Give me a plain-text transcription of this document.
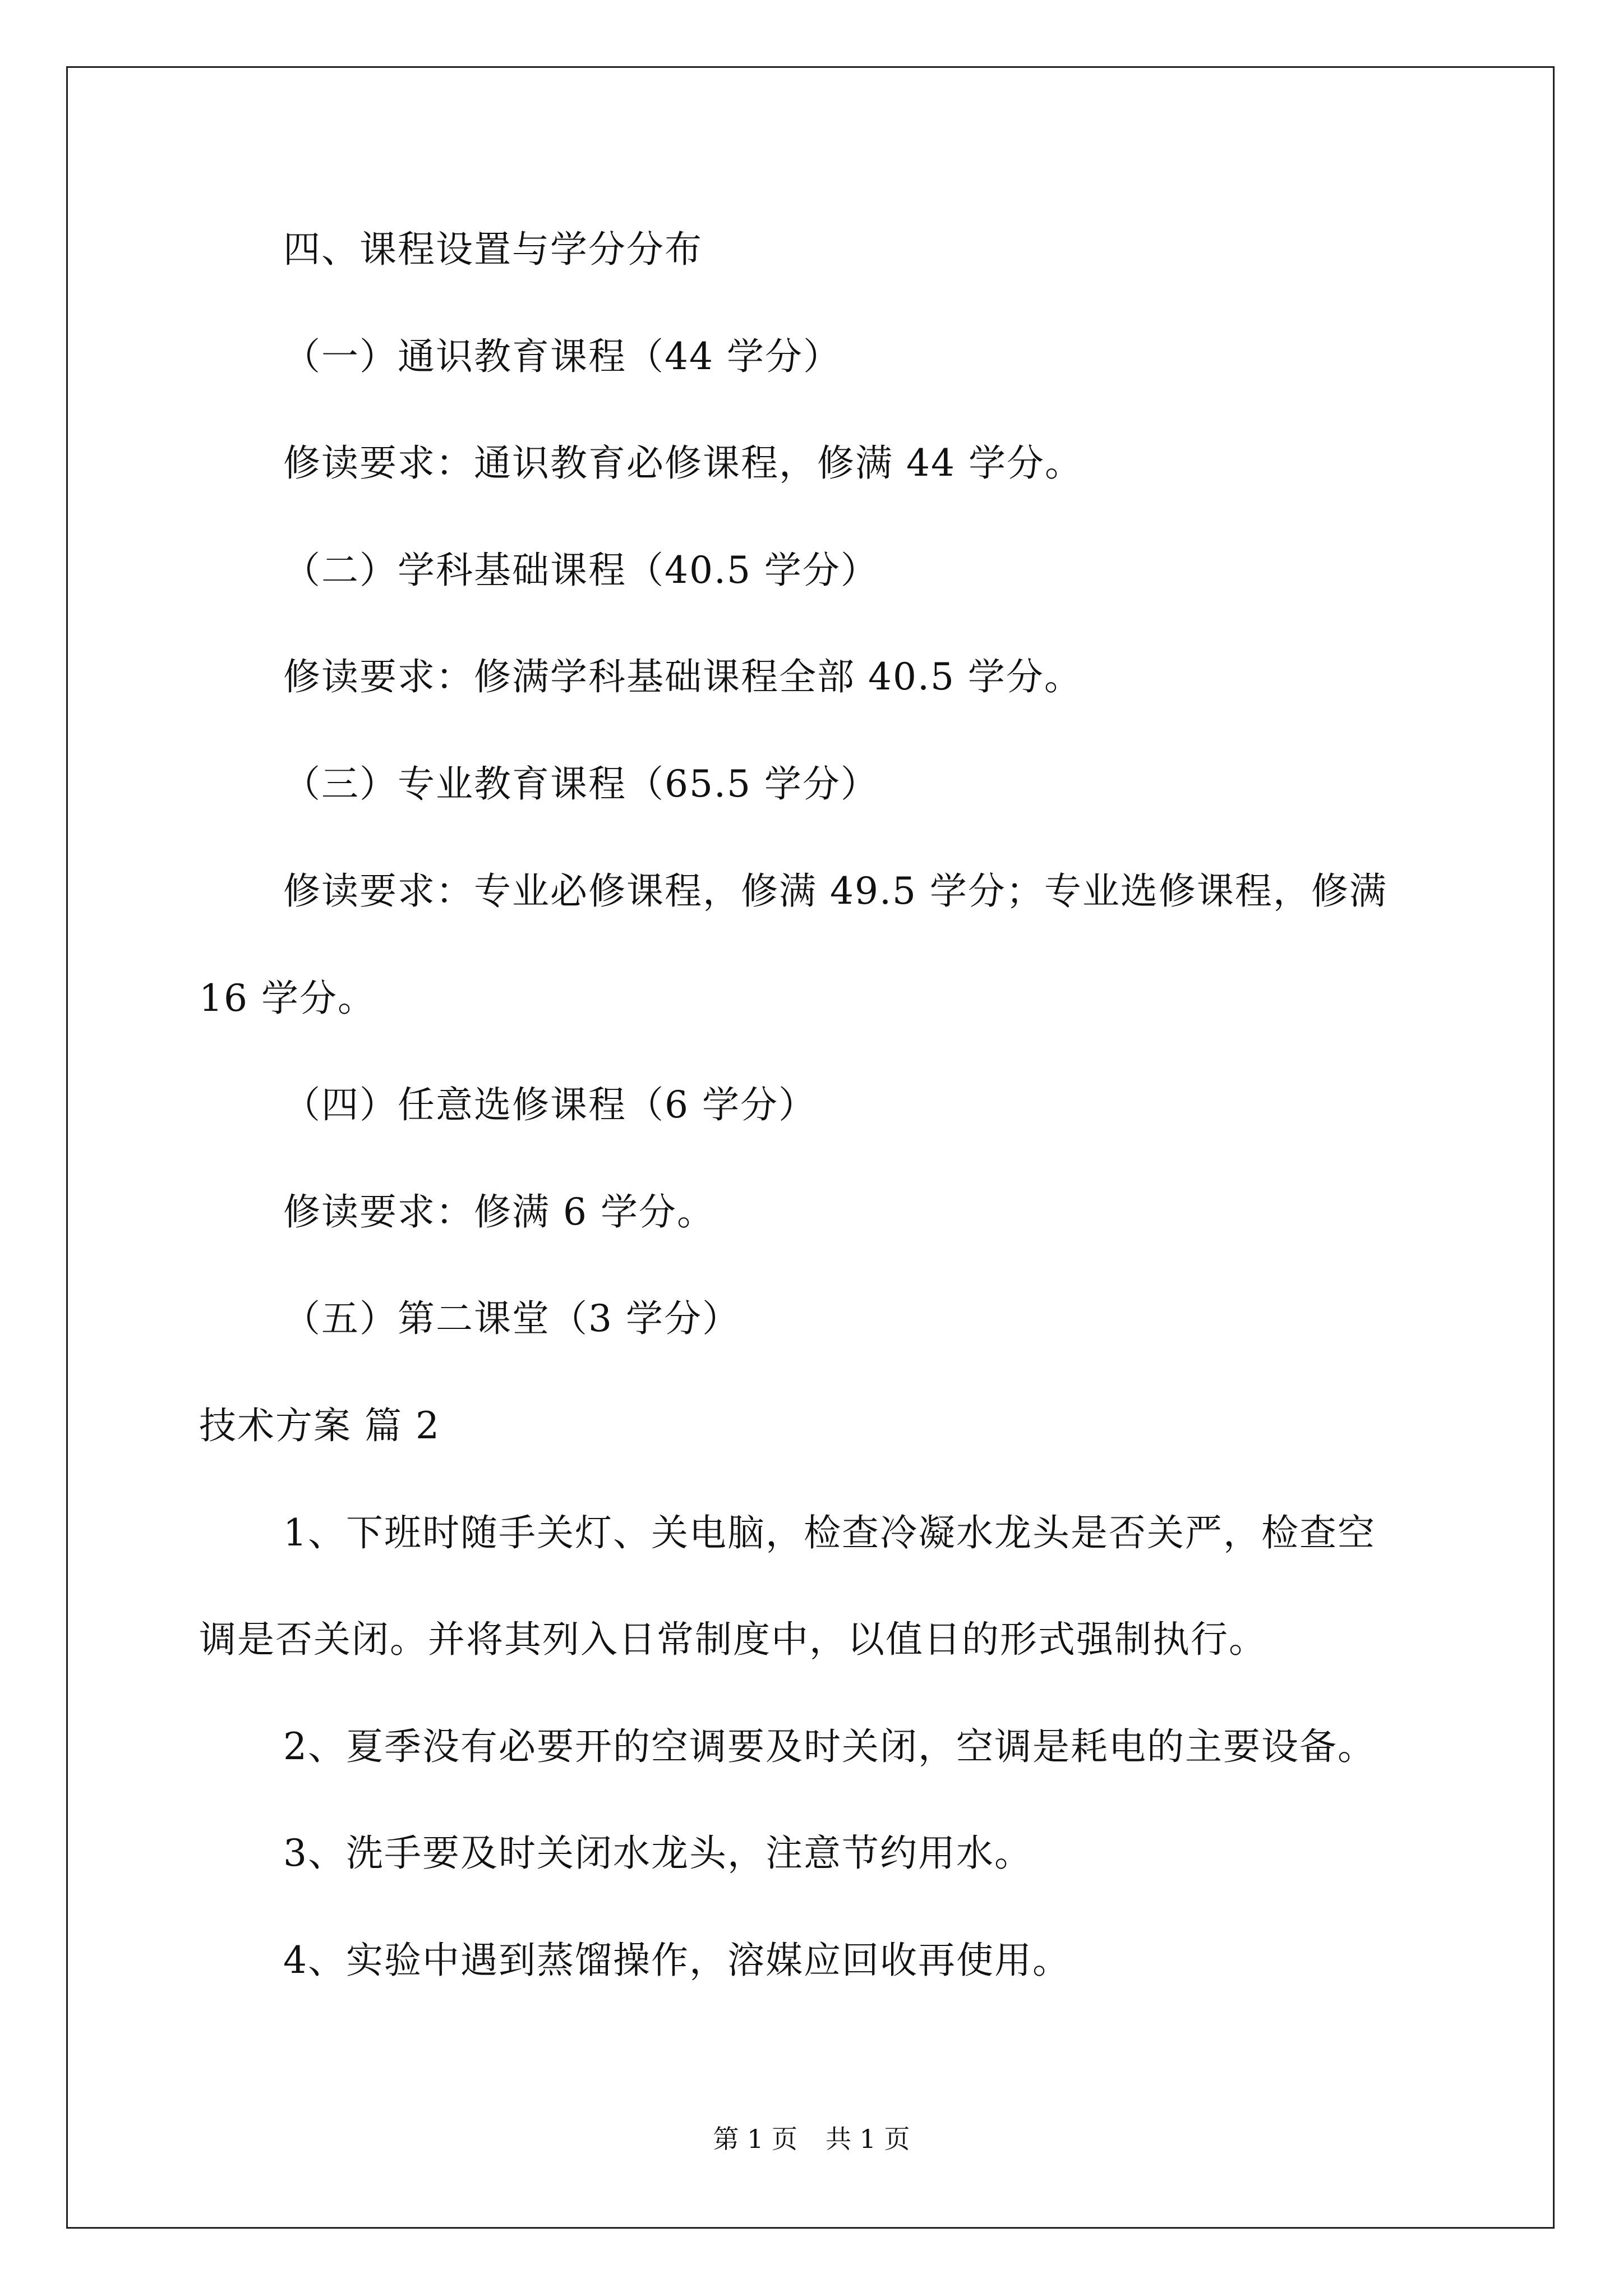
四、课程设置与学分分布
（一）通识教育课程（44 学分）
修读要求：通识教育必修课程，修满 44 学分。
（二）学科基础课程（40.5 学分）
修读要求：修满学科基础课程全部 40.5 学分。
（三）专业教育课程（65.5 学分）
修读要求：专业必修课程，修满 49.5 学分；专业选修课程，修满
16 学分。
（四）任意选修课程（6 学分）
修读要求：修满 6 学分。
（五）第二课堂（3 学分）
技术方案 篇 2
1、下班时随手关灯、关电脑，检查冷凝水龙头是否关严，检查空
调是否关闭。并将其列入日常制度中，以值日的形式强制执行。
2、夏季没有必要开的空调要及时关闭，空调是耗电的主要设备。
3、洗手要及时关闭水龙头，注意节约用水。
4、实验中遇到蒸馏操作，溶媒应回收再使用。
第 1 页 共 1 页
